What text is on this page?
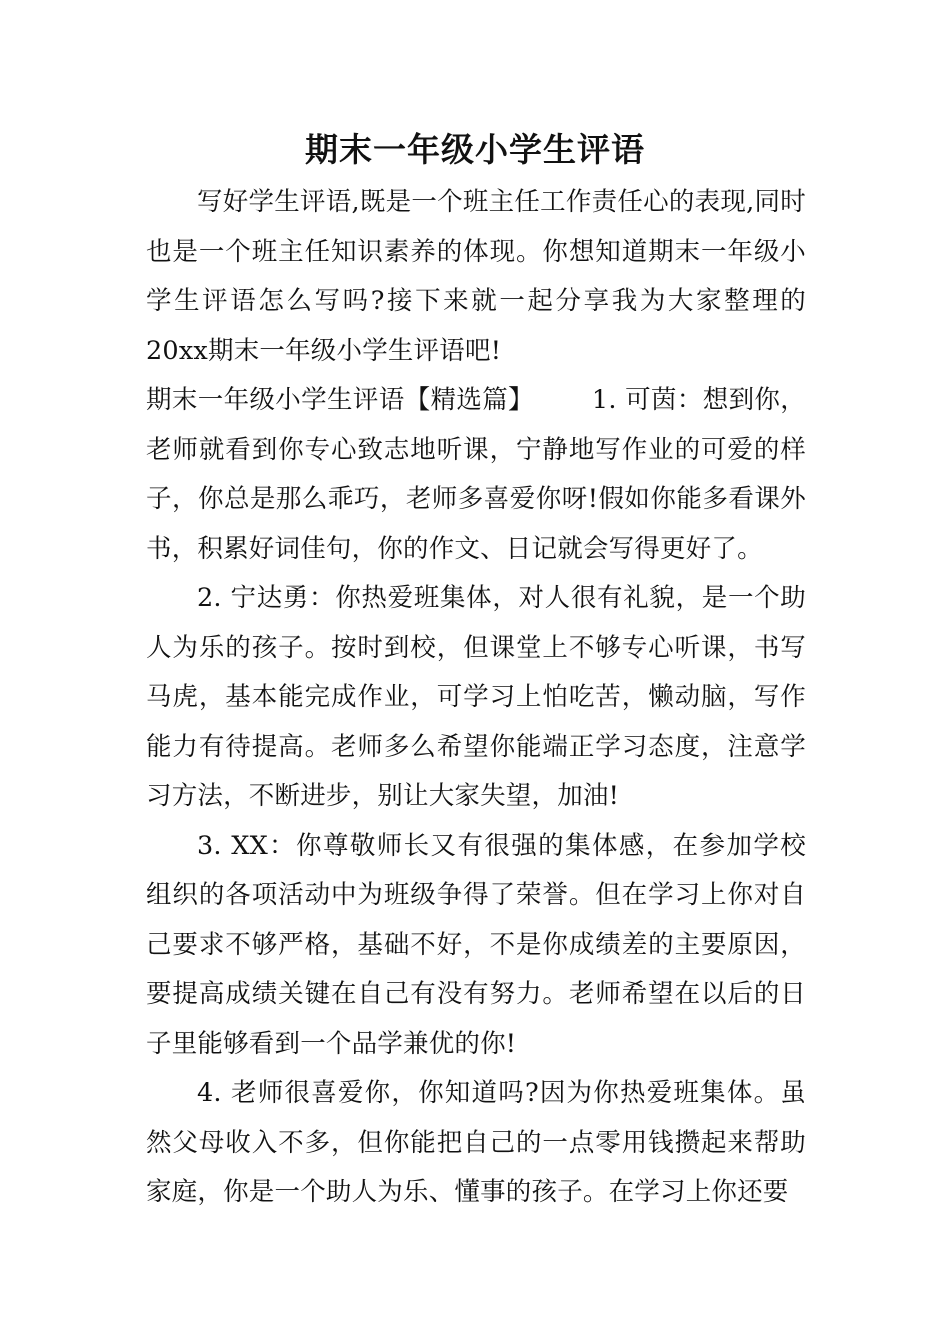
期末一年级小学生评语

写好学生评语,既是一个班主任工作责任心的表现,同时也是一个班主任知识素养的体现。你想知道期末一年级小学生评语怎么写吗?接下来就一起分享我为大家整理的20xx期末一年级小学生评语吧!

期末一年级小学生评语【精选篇】 1. 可茵：想到你，老师就看到你专心致志地听课，宁静地写作业的可爱的样子，你总是那么乖巧，老师多喜爱你呀!假如你能多看课外书，积累好词佳句，你的作文、日记就会写得更好了。

2. 宁达勇：你热爱班集体，对人很有礼貌，是一个助人为乐的孩子。按时到校，但课堂上不够专心听课，书写马虎，基本能完成作业，可学习上怕吃苦，懒动脑，写作能力有待提高。老师多么希望你能端正学习态度，注意学习方法，不断进步，别让大家失望，加油!

3. XX：你尊敬师长又有很强的集体感，在参加学校组织的各项活动中为班级争得了荣誉。但在学习上你对自己要求不够严格，基础不好，不是你成绩差的主要原因，要提高成绩关键在自己有没有努力。老师希望在以后的日子里能够看到一个品学兼优的你!

4. 老师很喜爱你，你知道吗?因为你热爱班集体。虽然父母收入不多，但你能把自己的一点零用钱攒起来帮助家庭，你是一个助人为乐、懂事的孩子。在学习上你还要
